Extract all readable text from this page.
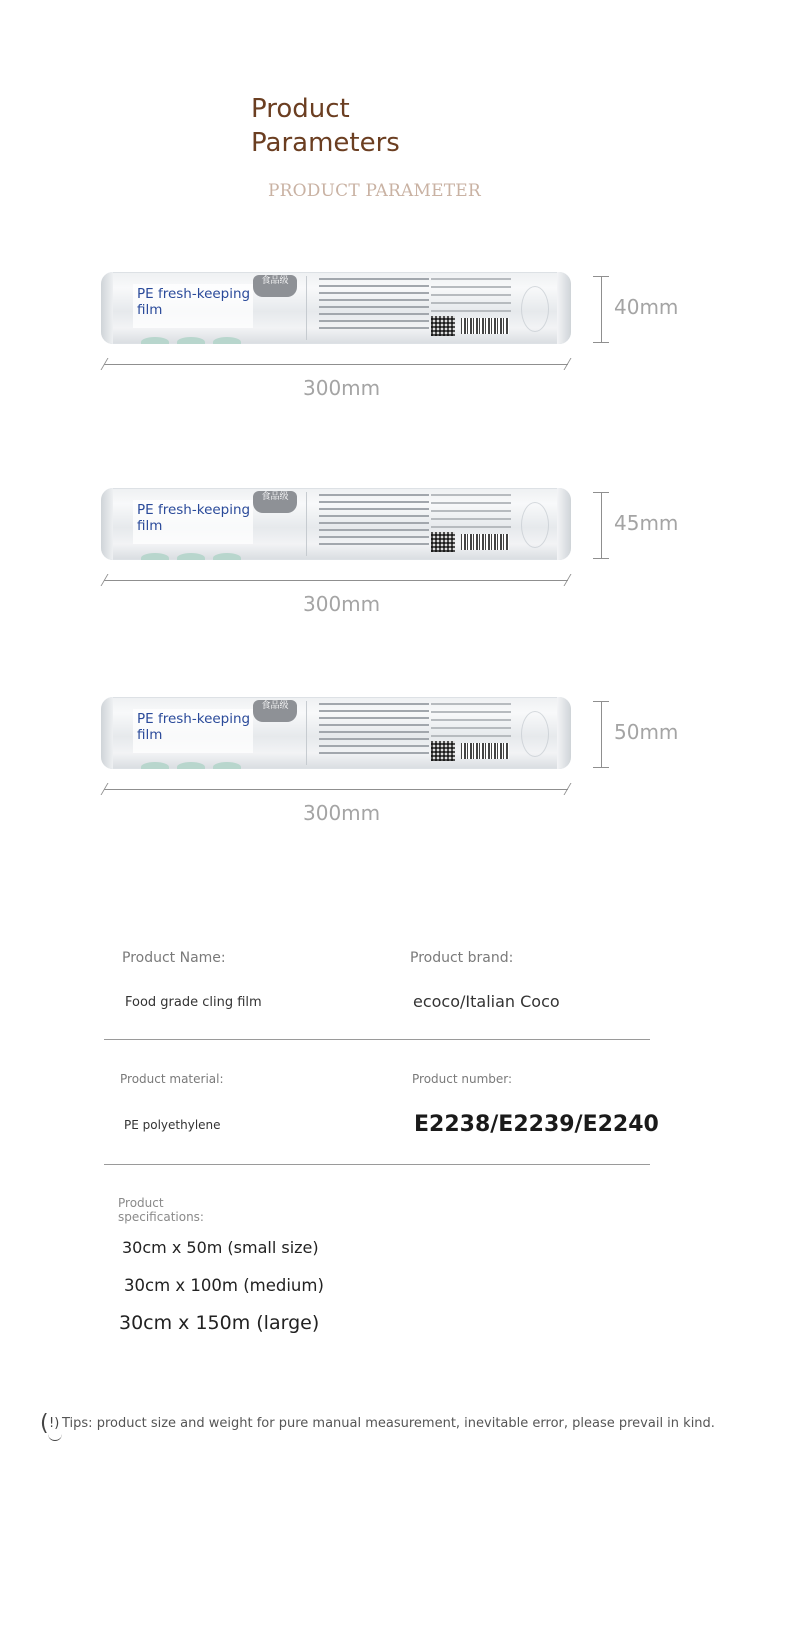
Product Parameters
PRODUCT PARAMETER
PE fresh-keeping film
食品级
300mm
40mm
PE fresh-keeping film
食品级
300mm
45mm
PE fresh-keeping film
食品级
300mm
50mm
Product Name:
Food grade cling film
Product brand:
ecoco/Italian Coco
Product material:
PE polyethylene
Product number:
E2238/E2239/E2240
Product specifications:
30cm x 50m (small size)
30cm x 100m (medium)
30cm x 150m (large)
( !) Tips: product size and weight for pure manual measurement, inevitable error, please prevail in kind.
